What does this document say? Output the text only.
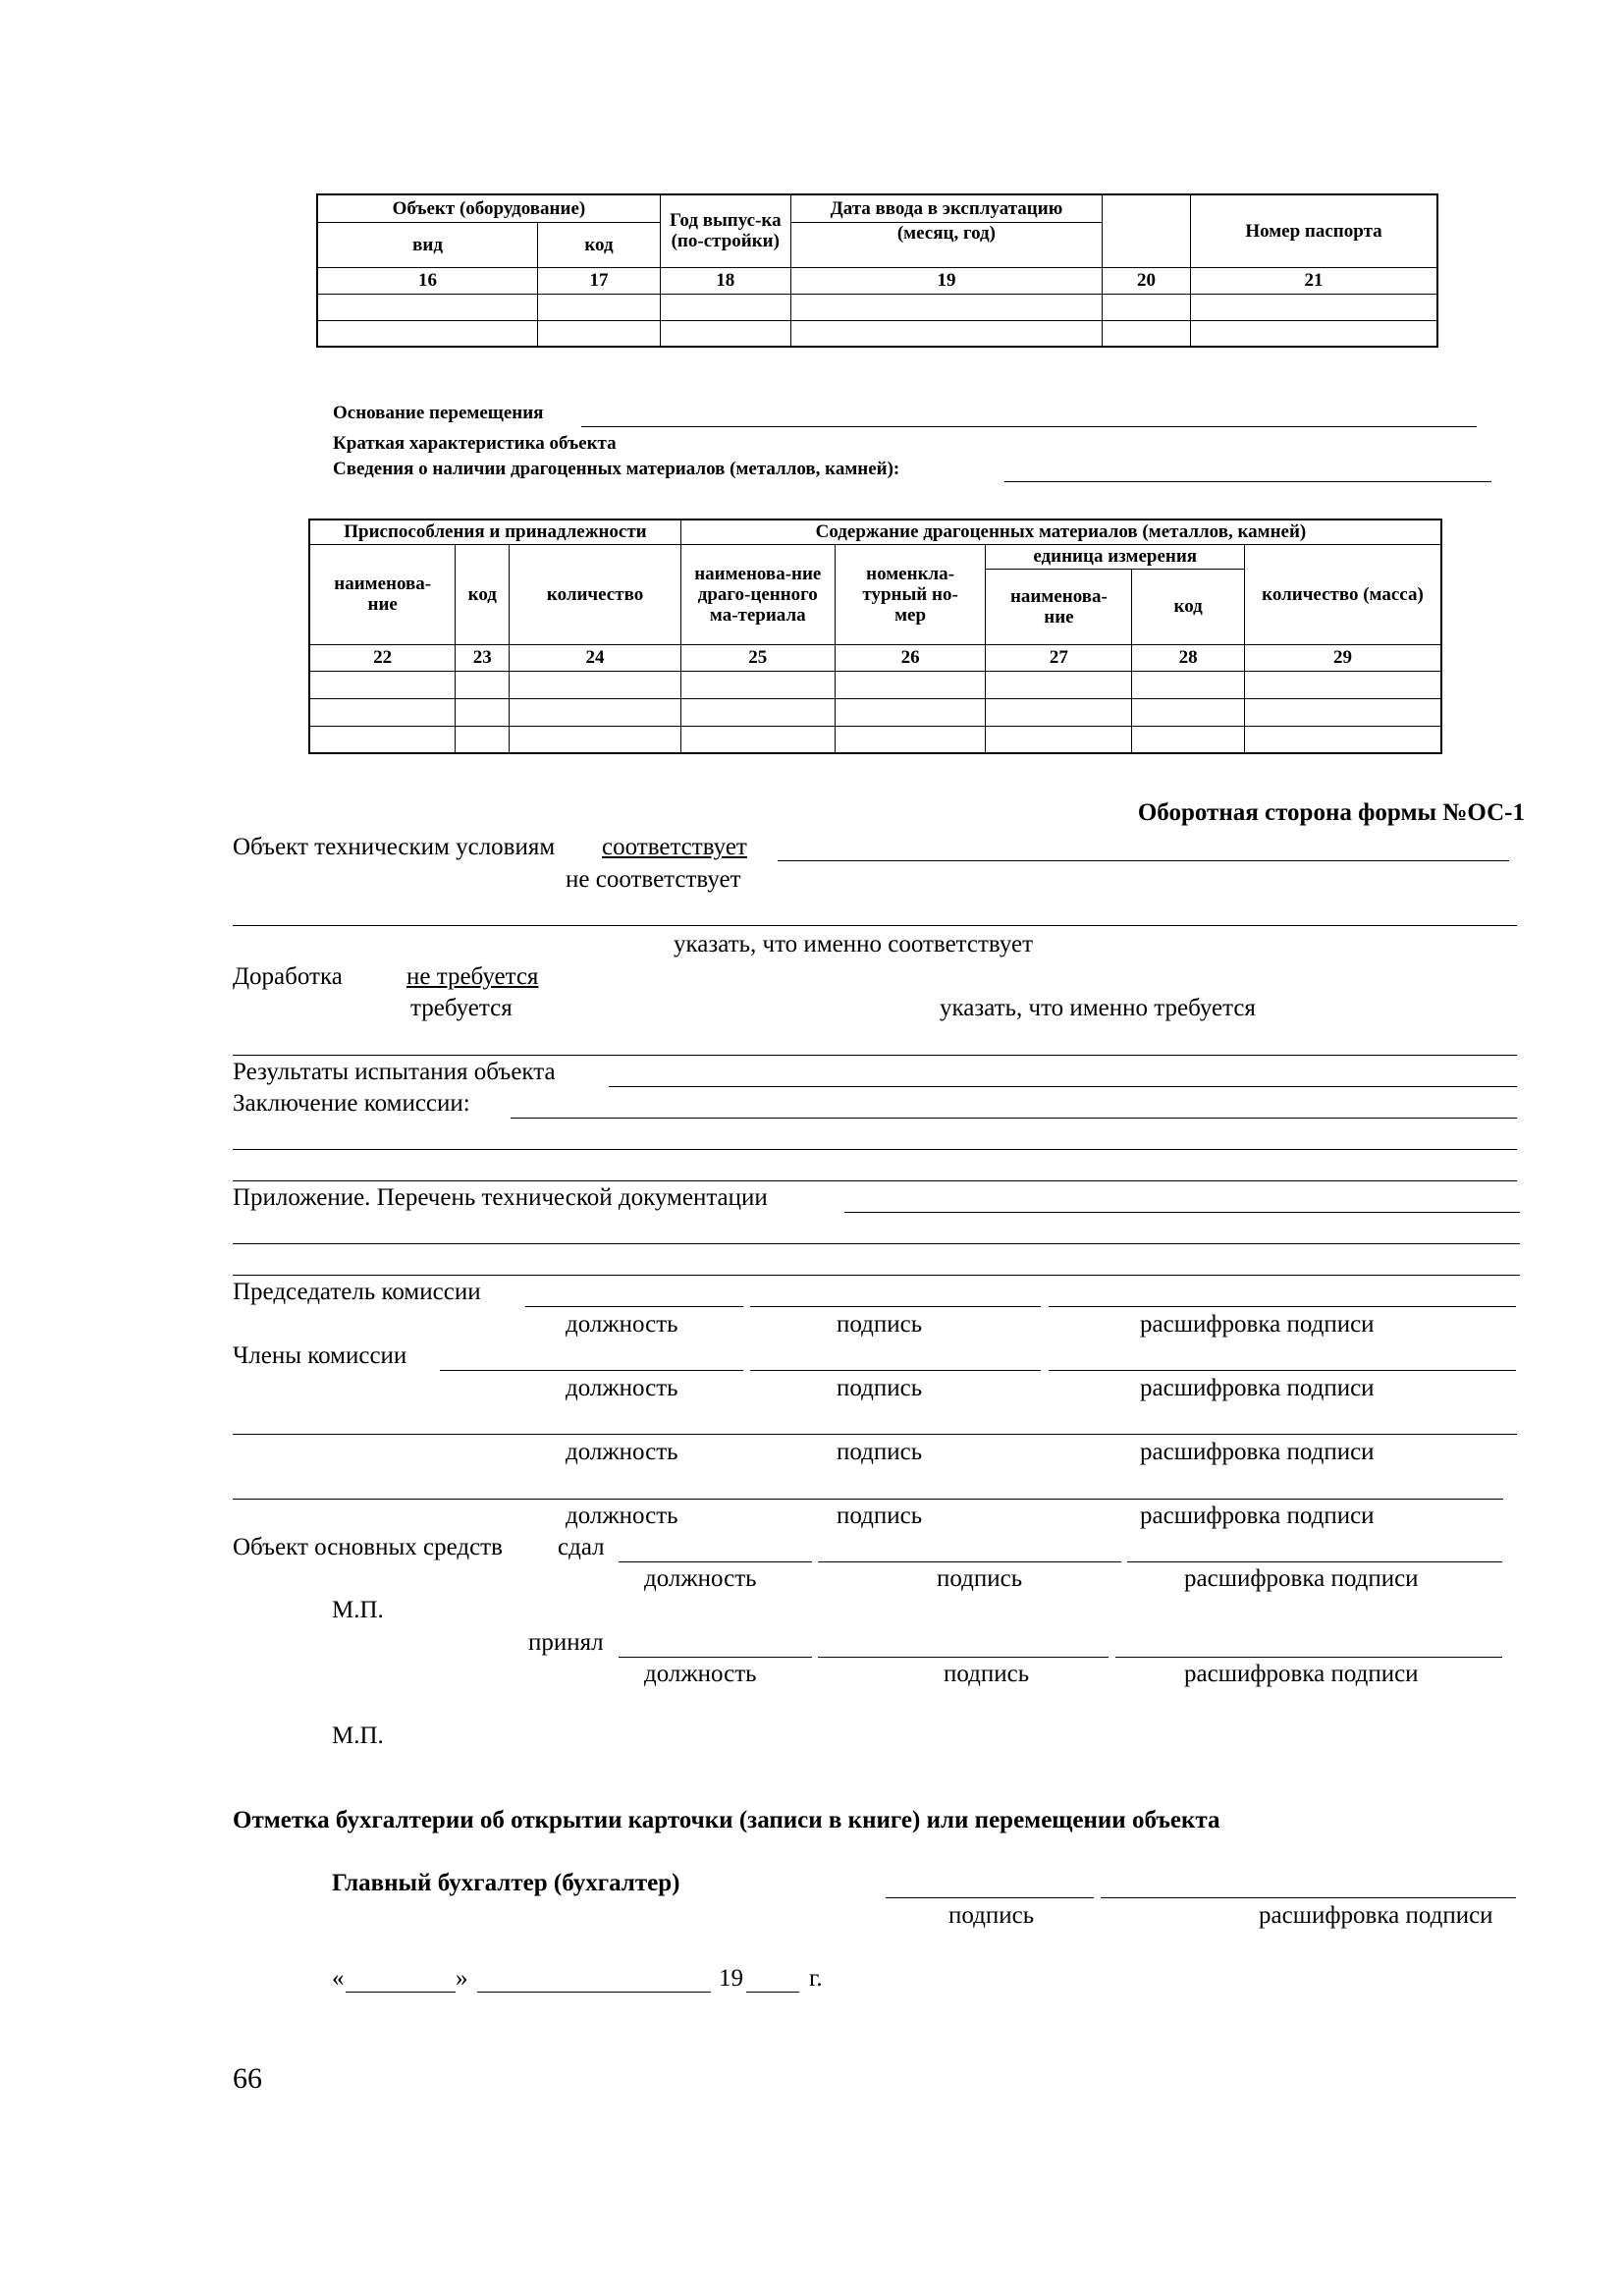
Объект (оборудование)		Год выпус-ка (по-стройки)	Дата ввода в эксплуатацию		Номер паспорта
вид	код		(месяц, год)		
16	17	18	19	20	21

Основание перемещения
Краткая характеристика объекта
Сведения о наличии драгоценных материалов (металлов, камней):
Приспособления и принадлежности			Содержание драгоценных материалов (металлов, камней)				
наименова-ние	код	количество	наименова-ние драго-ценного ма-териала	номенкла-турный но-мер	единица измерения		количество (масса)
					наименова-ние	код	
22	23	24	25	26	27	28	29

Оборотная сторона формы №ОС-1
Объект техническим условиям соответствует
не соответствует
указать, что именно соответствует
Доработка	не требуется
требуется	указать, что именно требуется
Результаты испытания объекта
Заключение комиссии:
Приложение. Перечень технической документации
Председатель комиссии
должность	подпись	расшифровка подписи
Члены комиссии
должность	подпись	расшифровка подписи
должность	подпись	расшифровка подписи
должность	подпись	расшифровка подписи
Объект основных средств сдал
должность	подпись	расшифровка подписи
М.П.
принял
должность	подпись	расшифровка подписи
М.П.
Отметка бухгалтерии об открытии карточки (записи в книге) или перемещении объекта
Главный бухгалтер (бухгалтер)
подпись	расшифровка подписи
«	»	19	г.
66
